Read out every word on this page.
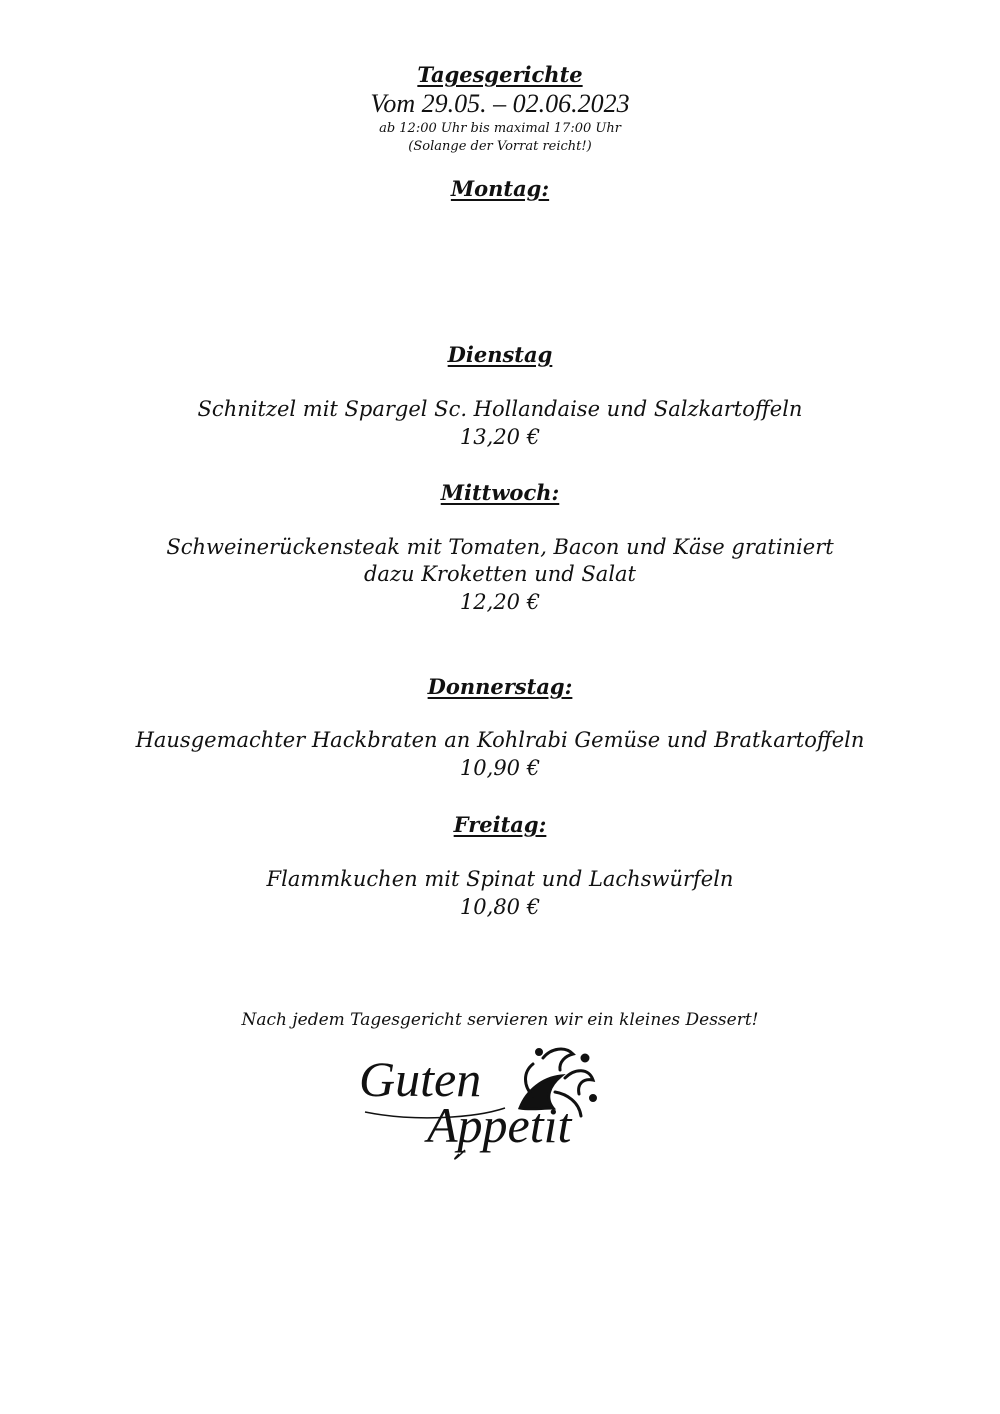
Tagesgerichte
Vom 29.05. – 02.06.2023
ab 12:00 Uhr bis maximal 17:00 Uhr
(Solange der Vorrat reicht!)
Montag:
Dienstag
Schnitzel mit Spargel Sc. Hollandaise und Salzkartoffeln
13,20 €
Mittwoch:
Schweinerückensteak mit Tomaten, Bacon und Käse gratiniert
dazu Kroketten und Salat
12,20 €
Donnerstag:
Hausgemachter Hackbraten an Kohlrabi Gemüse und Bratkartoffeln
10,90 €
Freitag:
Flammkuchen mit Spinat und Lachswürfeln
10,80 €
Nach jedem Tagesgericht servieren wir ein kleines Dessert!
Guten
Appetit
